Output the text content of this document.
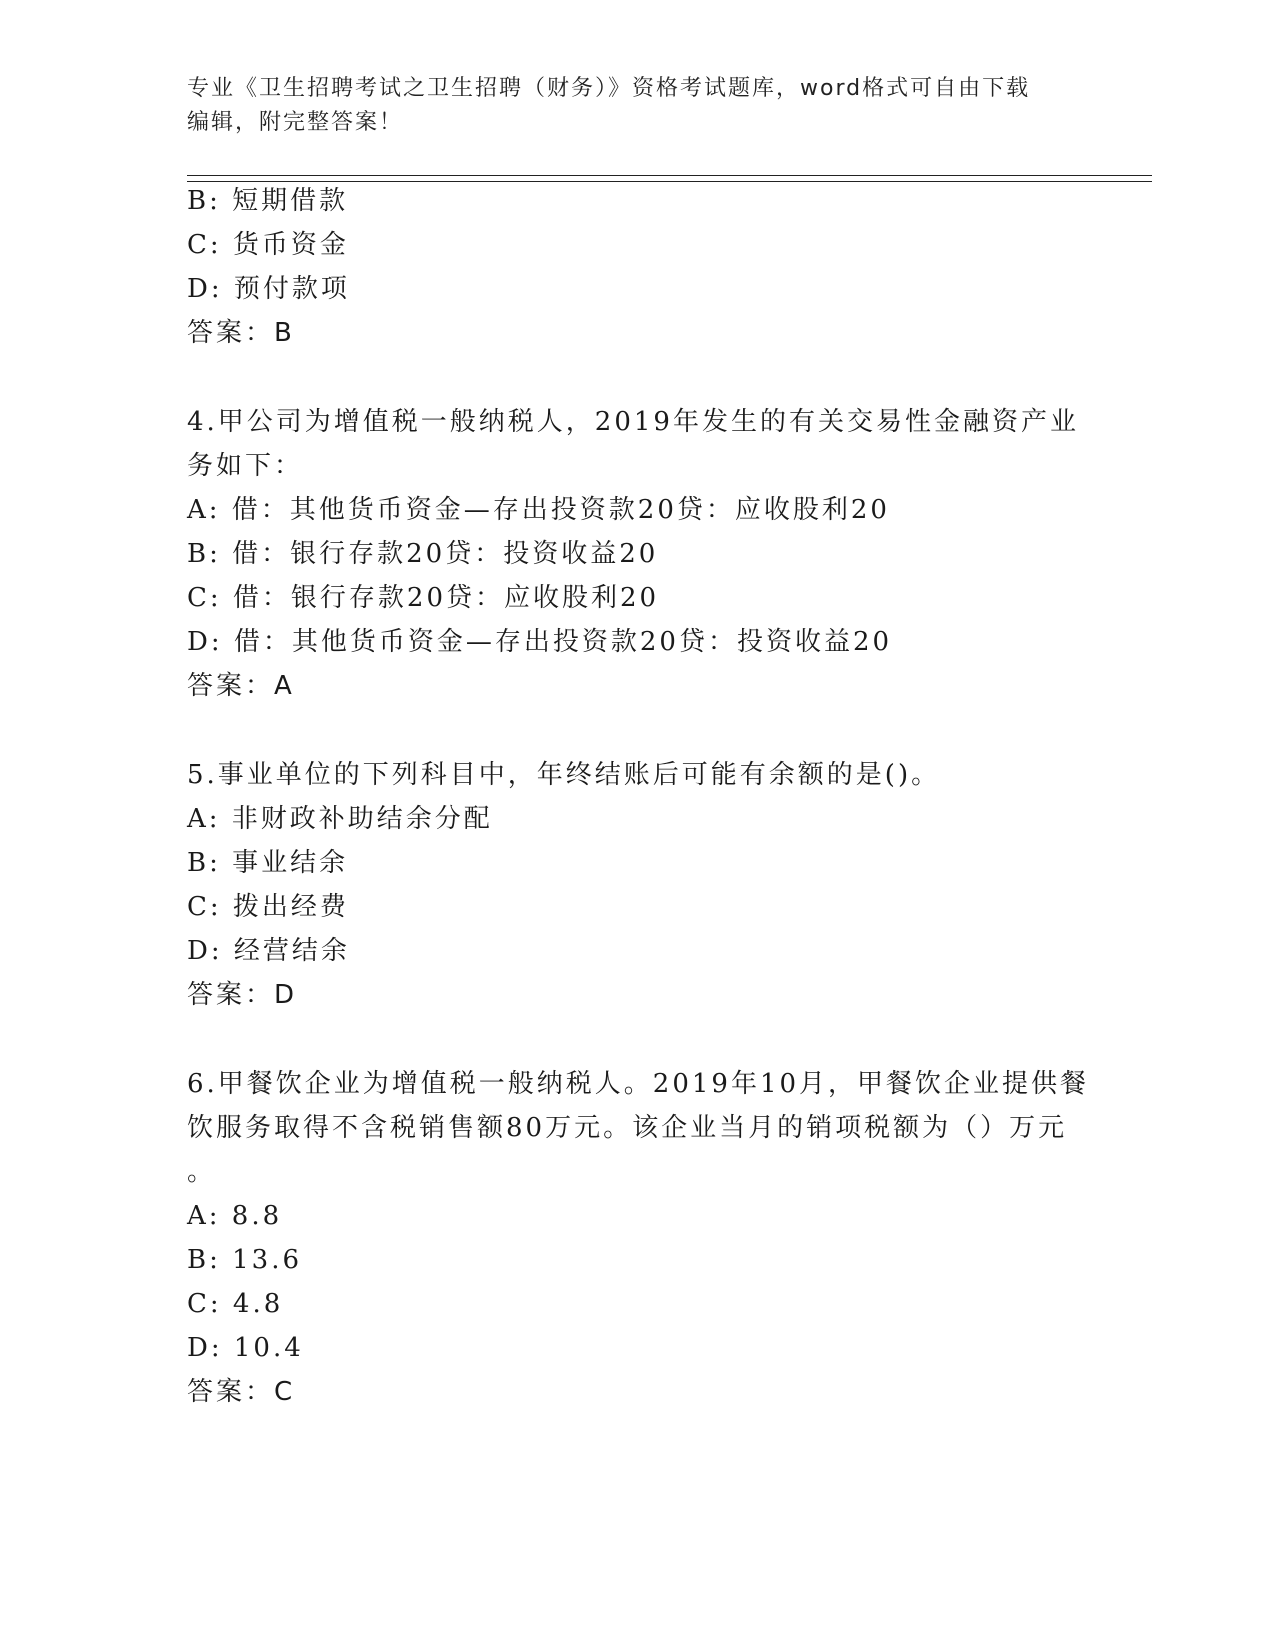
专业《卫生招聘考试之卫生招聘（财务）》资格考试题库，word格式可自由下载
编辑，附完整答案！
B: 短期借款
C: 货币资金
D: 预付款项
答案：B
4.甲公司为增值税一般纳税人，2019年发生的有关交易性金融资产业
务如下：
A: 借：其他货币资金—存出投资款20贷：应收股利20
B: 借：银行存款20贷：投资收益20
C: 借：银行存款20贷：应收股利20
D: 借：其他货币资金—存出投资款20贷：投资收益20
答案：A
5.事业单位的下列科目中，年终结账后可能有余额的是()。
A: 非财政补助结余分配
B: 事业结余
C: 拨出经费
D: 经营结余
答案：D
6.甲餐饮企业为增值税一般纳税人。2019年10月，甲餐饮企业提供餐
饮服务取得不含税销售额80万元。该企业当月的销项税额为（）万元
。
A: 8.8
B: 13.6
C: 4.8
D: 10.4
答案：C
